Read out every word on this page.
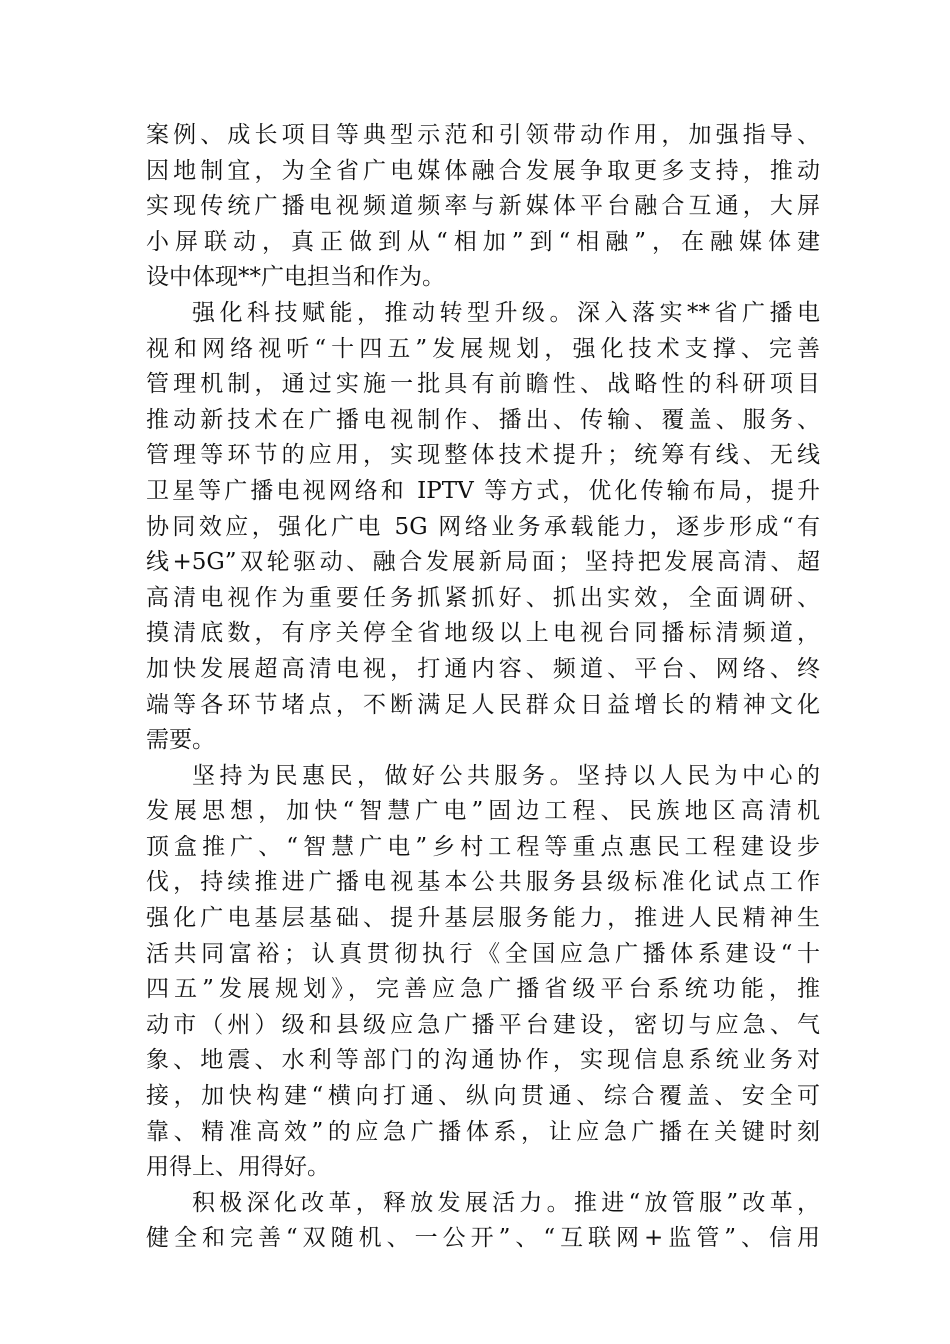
案例、成长项目等典型示范和引领带动作用，加强指导、
因地制宜，为全省广电媒体融合发展争取更多支持，推动
实现传统广播电视频道频率与新媒体平台融合互通，大屏
小屏联动，真正做到从“相加”到“相融”，在融媒体建
设中体现**广电担当和作为。
强化科技赋能，推动转型升级。深入落实**省广播电
视和网络视听“十四五”发展规划，强化技术支撑、完善
管理机制，通过实施一批具有前瞻性、战略性的科研项目
推动新技术在广播电视制作、播出、传输、覆盖、服务、
管理等环节的应用，实现整体技术提升；统筹有线、无线
卫星等广播电视网络和 IPTV 等方式，优化传输布局，提升
协同效应，强化广电 5G 网络业务承载能力，逐步形成“有
线+5G”双轮驱动、融合发展新局面；坚持把发展高清、超
高清电视作为重要任务抓紧抓好、抓出实效，全面调研、
摸清底数，有序关停全省地级以上电视台同播标清频道，
加快发展超高清电视，打通内容、频道、平台、网络、终
端等各环节堵点，不断满足人民群众日益增长的精神文化
需要。
坚持为民惠民，做好公共服务。坚持以人民为中心的
发展思想，加快“智慧广电”固边工程、民族地区高清机
顶盒推广、“智慧广电”乡村工程等重点惠民工程建设步
伐，持续推进广播电视基本公共服务县级标准化试点工作
强化广电基层基础、提升基层服务能力，推进人民精神生
活共同富裕；认真贯彻执行《全国应急广播体系建设“十
四五”发展规划》，完善应急广播省级平台系统功能，推
动市（州）级和县级应急广播平台建设，密切与应急、气
象、地震、水利等部门的沟通协作，实现信息系统业务对
接，加快构建“横向打通、纵向贯通、综合覆盖、安全可
靠、精准高效”的应急广播体系，让应急广播在关键时刻
用得上、用得好。
积极深化改革，释放发展活力。推进“放管服”改革，
健全和完善“双随机、一公开”、“互联网+监管”、信用
